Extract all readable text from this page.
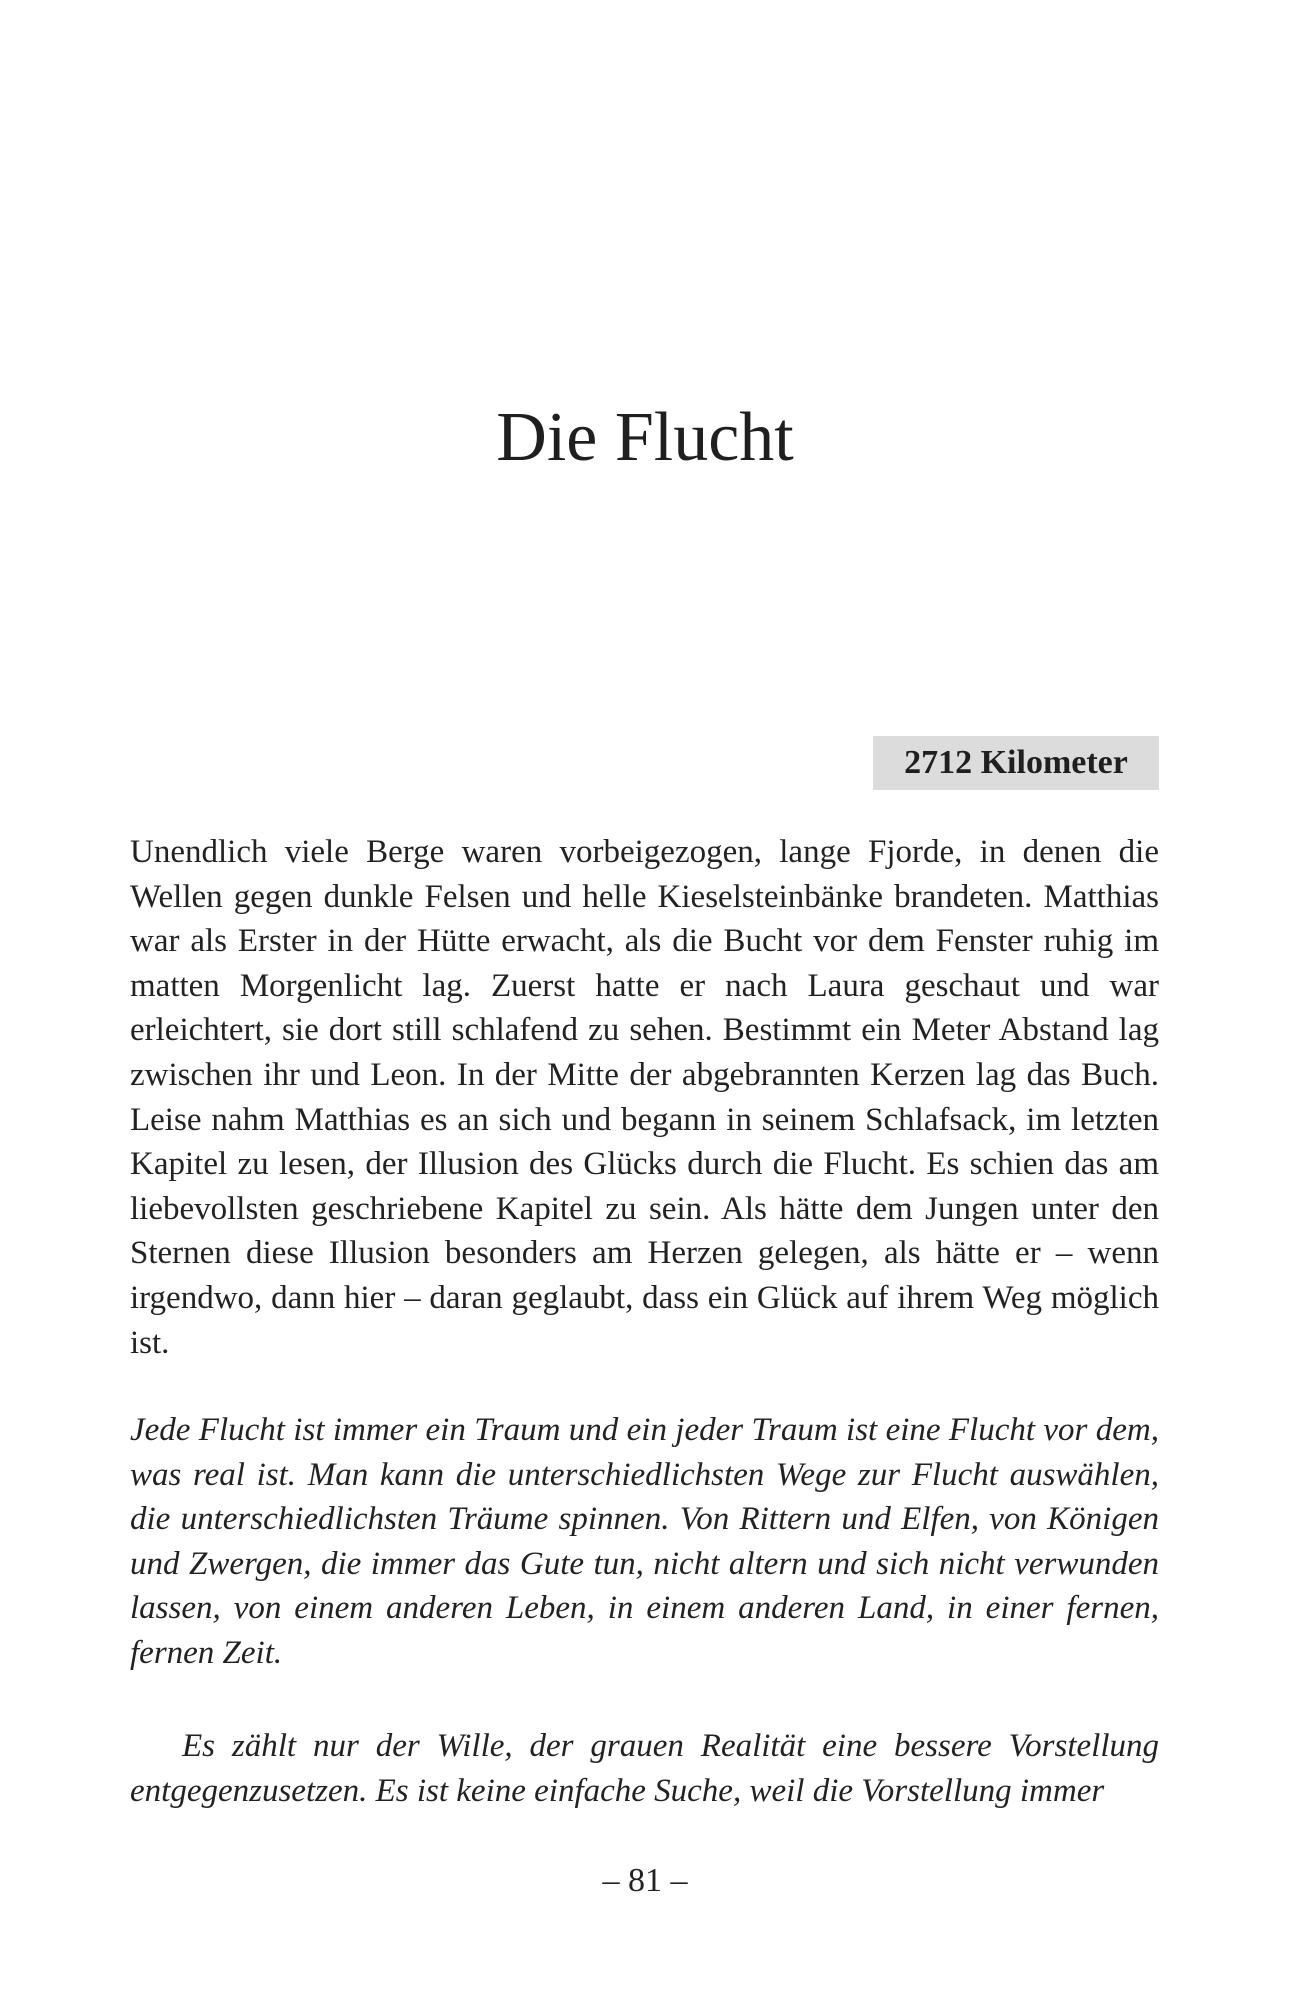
Die Flucht
2712 Kilometer

Unendlich viele Berge waren vorbeigezogen, lange Fjorde, in denen die Wellen gegen dunkle Felsen und helle Kieselsteinbänke brandeten. Matthias war als Erster in der Hütte erwacht, als die Bucht vor dem Fenster ruhig im matten Morgenlicht lag. Zuerst hatte er nach Laura geschaut und war erleichtert, sie dort still schlafend zu sehen. Bestimmt ein Meter Abstand lag zwischen ihr und Leon. In der Mitte der abgebrannten Kerzen lag das Buch. Leise nahm Matthias es an sich und begann in seinem Schlafsack, im letzten Kapitel zu lesen, der Illusion des Glücks durch die Flucht. Es schien das am liebevollsten geschriebene Kapitel zu sein. Als hätte dem Jungen unter den Sternen diese Illusion besonders am Herzen gelegen, als hätte er – wenn irgendwo, dann hier – daran geglaubt, dass ein Glück auf ihrem Weg möglich ist.

Jede Flucht ist immer ein Traum und ein jeder Traum ist eine Flucht vor dem, was real ist. Man kann die unterschiedlichsten Wege zur Flucht auswählen, die unterschiedlichsten Träume spinnen. Von Rittern und Elfen, von Königen und Zwergen, die immer das Gute tun, nicht altern und sich nicht verwunden lassen, von einem anderen Leben, in einem anderen Land, in einer fernen, fernen Zeit.

Es zählt nur der Wille, der grauen Realität eine bessere Vorstellung entgegenzusetzen. Es ist keine einfache Suche, weil die Vorstellung immer

– 81 –
